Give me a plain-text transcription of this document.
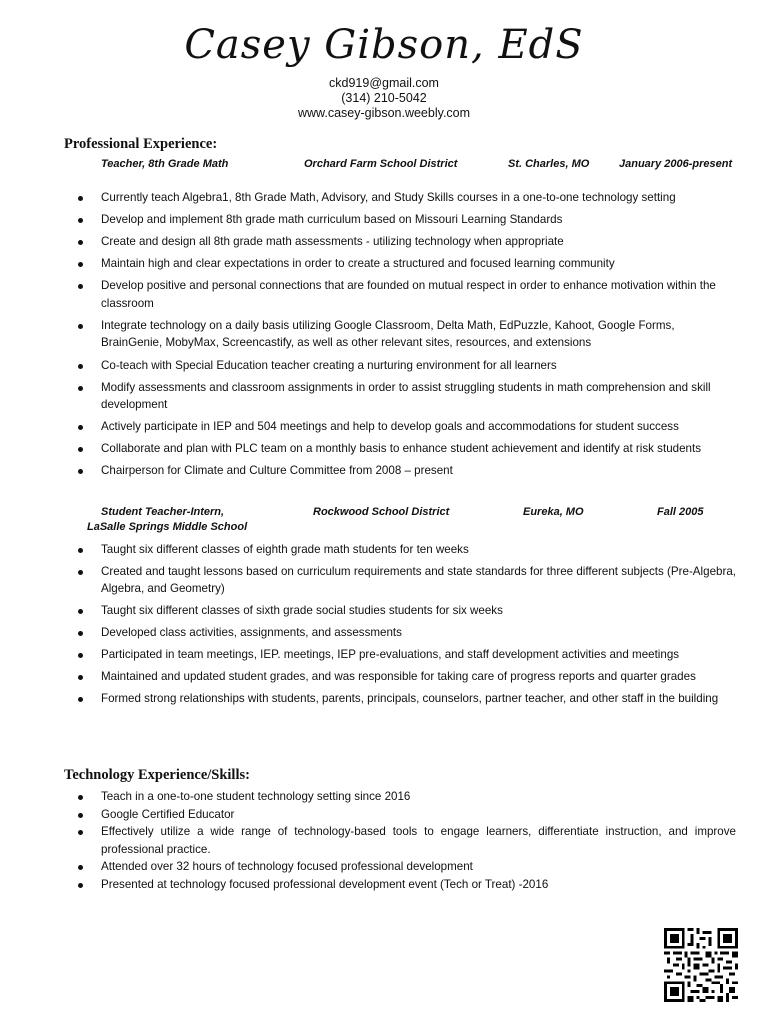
Casey Gibson, EdS
ckd919@gmail.com
(314) 210-5042
www.casey-gibson.weebly.com
Professional Experience:
Teacher, 8th Grade Math	Orchard Farm School District	St. Charles, MO	January 2006-present
Currently teach Algebra1, 8th Grade Math, Advisory, and Study Skills courses in a one-to-one technology setting
Develop and implement 8th grade math curriculum based on Missouri Learning Standards
Create and design all 8th grade math assessments - utilizing technology when appropriate
Maintain high and clear expectations in order to create a structured and focused learning community
Develop positive and personal connections that are founded on mutual respect in order to enhance motivation within the classroom
Integrate technology on a daily basis utilizing Google Classroom, Delta Math, EdPuzzle, Kahoot, Google Forms, BrainGenie, MobyMax, Screencastify, as well as other relevant sites, resources, and extensions
Co-teach with Special Education teacher creating a nurturing environment for all learners
Modify assessments and classroom assignments in order to assist struggling students in math comprehension and skill development
Actively participate in IEP and 504 meetings and help to develop goals and accommodations for student success
Collaborate and plan with PLC team on a monthly basis to enhance student achievement and identify at risk students
Chairperson for Climate and Culture Committee from 2008 – present
Student Teacher-Intern,
LaSalle Springs Middle School
Rockwood School District	Eureka, MO	Fall 2005
Taught six different classes of eighth grade math students for ten weeks
Created and taught lessons based on curriculum requirements and state standards for three different subjects (Pre-Algebra, Algebra, and Geometry)
Taught six different classes of sixth grade social studies students for six weeks
Developed class activities, assignments, and assessments
Participated in team meetings, IEP. meetings, IEP pre-evaluations, and staff development activities and meetings
Maintained and updated student grades, and was responsible for taking care of progress reports and quarter grades
Formed strong relationships with students, parents, principals, counselors, partner teacher, and other staff in the building
Technology Experience/Skills:
Teach in a one-to-one student technology setting since 2016
Google Certified Educator
Effectively utilize a wide range of technology-based tools to engage learners, differentiate instruction, and improve professional practice.
Attended over 32 hours of technology focused professional development
Presented at technology focused professional development event (Tech or Treat) -2016
